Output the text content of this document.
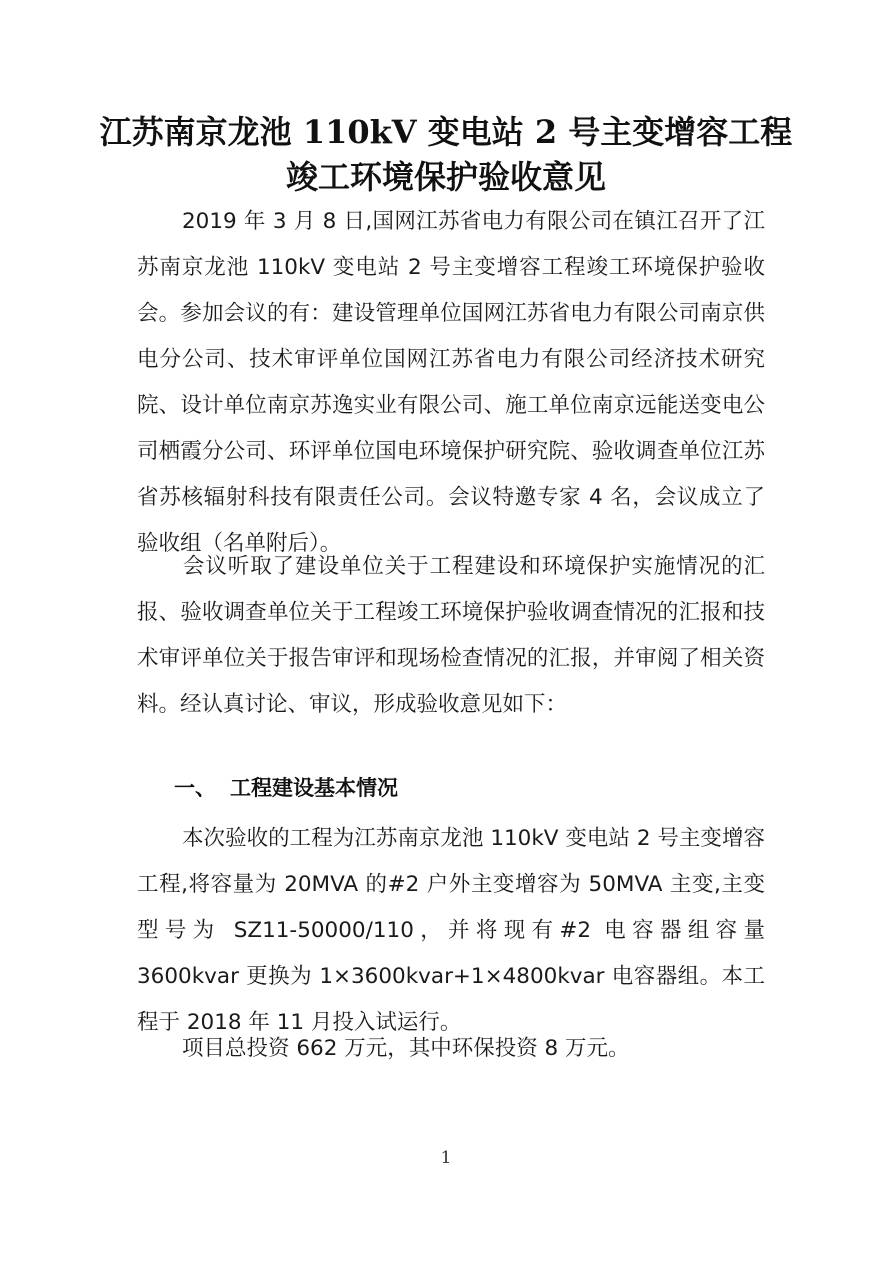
江苏南京龙池 110kV 变电站 2 号主变增容工程
竣工环境保护验收意见

2019 年 3 月 8 日,国网江苏省电力有限公司在镇江召开了江苏南京龙池 110kV 变电站 2 号主变增容工程竣工环境保护验收会。参加会议的有：建设管理单位国网江苏省电力有限公司南京供电分公司、技术审评单位国网江苏省电力有限公司经济技术研究院、设计单位南京苏逸实业有限公司、施工单位南京远能送变电公司栖霞分公司、环评单位国电环境保护研究院、验收调查单位江苏省苏核辐射科技有限责任公司。会议特邀专家 4 名，会议成立了验收组（名单附后）。

会议听取了建设单位关于工程建设和环境保护实施情况的汇报、验收调查单位关于工程竣工环境保护验收调查情况的汇报和技术审评单位关于报告审评和现场检查情况的汇报，并审阅了相关资料。经认真讨论、审议，形成验收意见如下：

一、 工程建设基本情况

本次验收的工程为江苏南京龙池 110kV 变电站 2 号主变增容工程,将容量为 20MVA 的#2 户外主变增容为 50MVA 主变,主变型号为 SZ11-50000/110，并将现有#2 电容器组容量 3600kvar 更换为 1×3600kvar+1×4800kvar 电容器组。本工程于 2018 年 11 月投入试运行。

项目总投资 662 万元，其中环保投资 8 万元。

1
